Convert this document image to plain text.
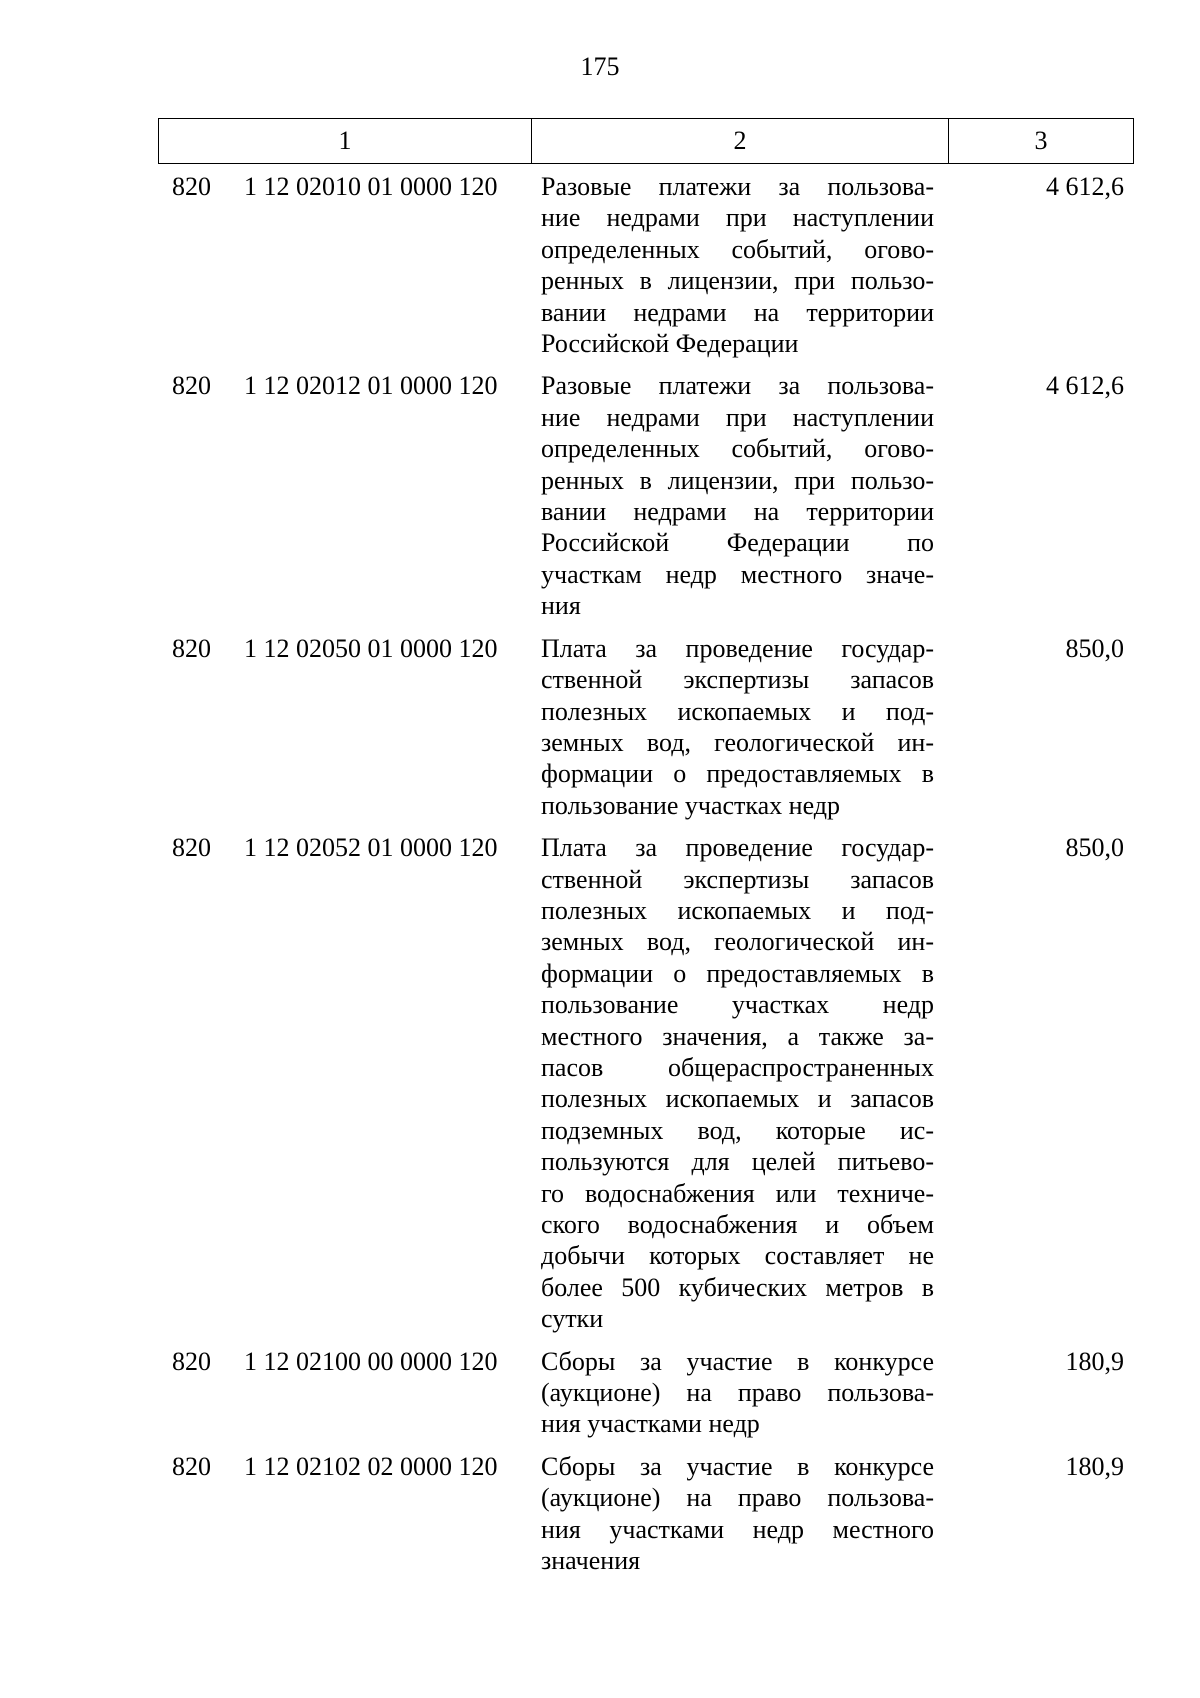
175
1	2	3
820 1 12 02010 01 0000 120 Разовые платежи за пользова-
ние недрами при наступлении
определенных событий, огово-
ренных в лицензии, при пользо-
вании недрами на территории
Российской Федерации
4 612,6
820 1 12 02012 01 0000 120 Разовые платежи за пользова-
ние недрами при наступлении
определенных событий, огово-
ренных в лицензии, при пользо-
вании недрами на территории
Российской Федерации по
участкам недр местного значе-
ния
4 612,6
820 1 12 02050 01 0000 120 Плата за проведение государ-
ственной экспертизы запасов
полезных ископаемых и под-
земных вод, геологической ин-
формации о предоставляемых в
пользование участках недр
850,0
820 1 12 02052 01 0000 120 Плата за проведение государ-
ственной экспертизы запасов
полезных ископаемых и под-
земных вод, геологической ин-
формации о предоставляемых в
пользование участках недр
местного значения, а также за-
пасов общераспространенных
полезных ископаемых и запасов
подземных вод, которые ис-
пользуются для целей питьево-
го водоснабжения или техниче-
ского водоснабжения и объем
добычи которых составляет не
более 500 кубических метров в
сутки
850,0
820 1 12 02100 00 0000 120 Сборы за участие в конкурсе
(аукционе) на право пользова-
ния участками недр
180,9
820 1 12 02102 02 0000 120 Сборы за участие в конкурсе
(аукционе) на право пользова-
ния участками недр местного
значения
180,9
